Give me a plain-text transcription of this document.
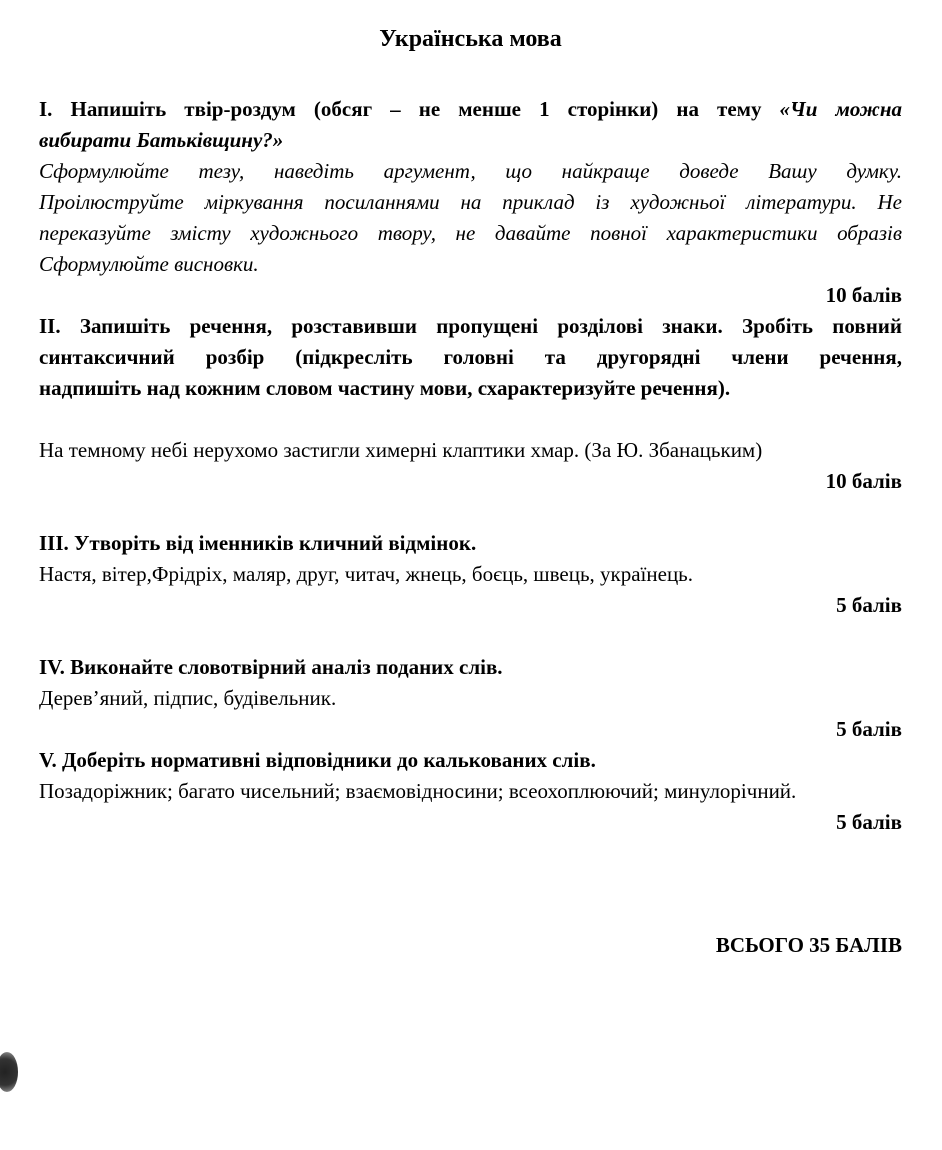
Українська мова
I. Напишіть твір-роздум (обсяг – не менше 1 сторінки) на тему «Чи можна
вибирати Батьківщину?»
Сформулюйте тезу, наведіть аргумент, що найкраще доведе Вашу думку.
Проілюструйте міркування посиланнями на приклад із художньої літератури. Не
переказуйте змісту художнього твору, не давайте повної характеристики образів
Сформулюйте висновки.
10 балів
II. Запишіть речення, розставивши пропущені розділові знаки. Зробіть повний
синтаксичний розбір (підкресліть головні та другорядні члени речення,
надпишіть над кожним словом частину мови, схарактеризуйте речення).
На темному небі нерухомо застигли химерні клаптики хмар. (За Ю. Збанацьким)
10 балів
III. Утворіть від іменників кличний відмінок.
Настя, вітер,Фрідріх, маляр, друг, читач, жнець, боєць, швець, українець.
5 балів
IV. Виконайте словотвірний аналіз поданих слів.
Дерев’яний, підпис, будівельник.
5 балів
V. Доберіть нормативні відповідники до калькованих слів.
Позадоріжник; багато чисельний; взаємовідносини; всеохоплюючий; минулорічний.
5 балів
ВСЬОГО 35 БАЛІВ
